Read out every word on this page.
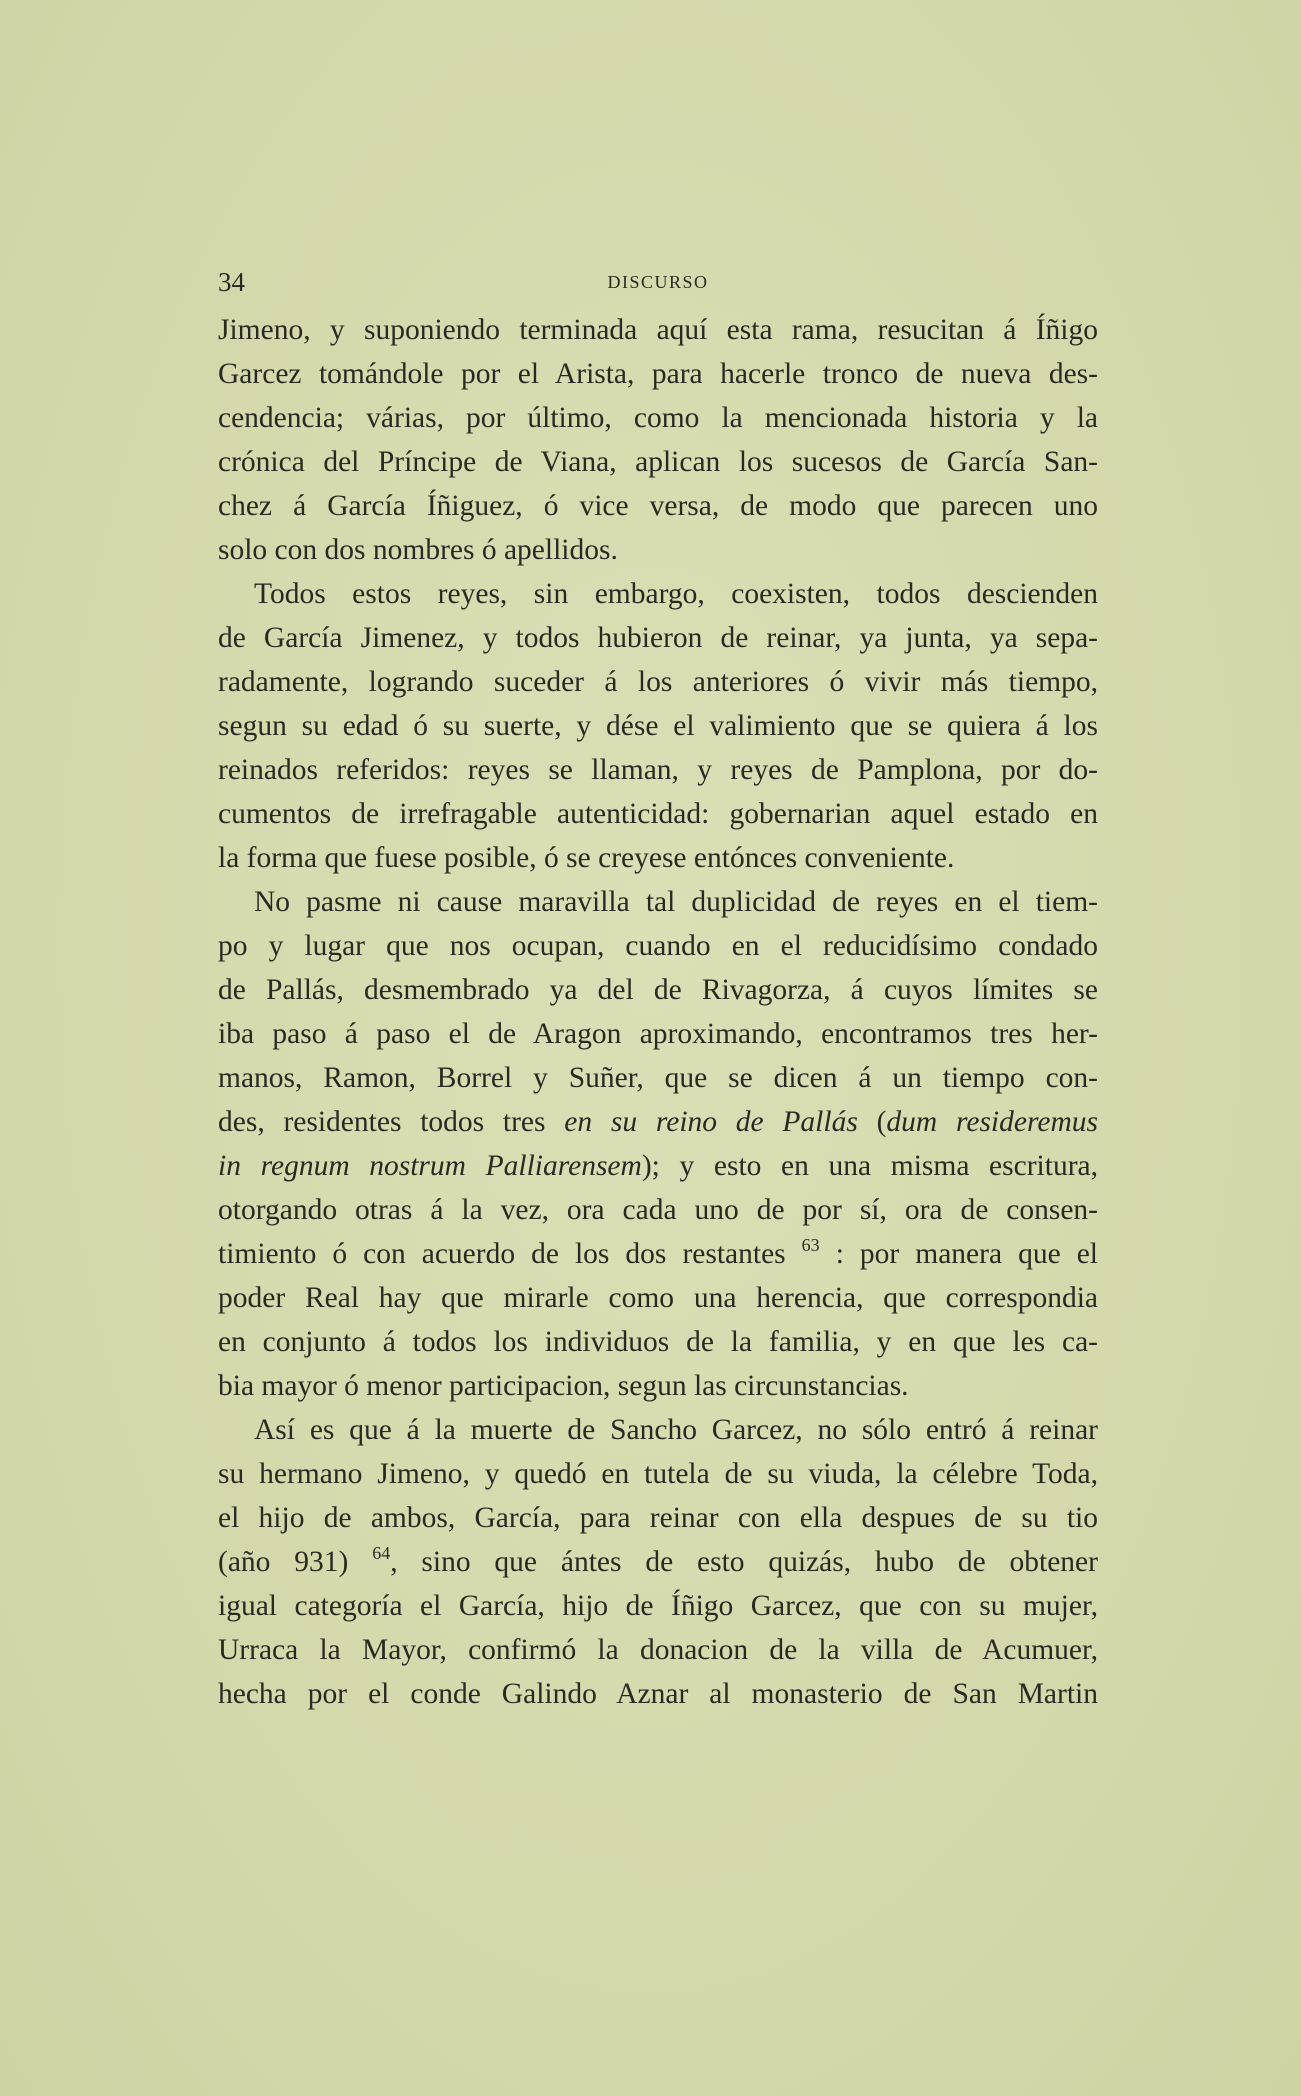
34	DISCURSO
Jimeno, y suponiendo terminada aquí esta rama, resucitan á Íñigo
Garcez tomándole por el Arista, para hacerle tronco de nueva des-
cendencia; várias, por último, como la mencionada historia y la
crónica del Príncipe de Viana, aplican los sucesos de García San-
chez á García Íñiguez, ó vice versa, de modo que parecen uno
solo con dos nombres ó apellidos.
Todos estos reyes, sin embargo, coexisten, todos descienden
de García Jimenez, y todos hubieron de reinar, ya junta, ya sepa-
radamente, logrando suceder á los anteriores ó vivir más tiempo,
segun su edad ó su suerte, y dése el valimiento que se quiera á los
reinados referidos: reyes se llaman, y reyes de Pamplona, por do-
cumentos de irrefragable autenticidad: gobernarian aquel estado en
la forma que fuese posible, ó se creyese entónces conveniente.
No pasme ni cause maravilla tal duplicidad de reyes en el tiem-
po y lugar que nos ocupan, cuando en el reducidísimo condado
de Pallás, desmembrado ya del de Rivagorza, á cuyos límites se
iba paso á paso el de Aragon aproximando, encontramos tres her-
manos, Ramon, Borrel y Suñer, que se dicen á un tiempo con-
des, residentes todos tres en su reino de Pallás (dum resideremus
in regnum nostrum Palliarensem); y esto en una misma escritura,
otorgando otras á la vez, ora cada uno de por sí, ora de consen-
timiento ó con acuerdo de los dos restantes $^{63}$ : por manera que el
poder Real hay que mirarle como una herencia, que correspondia
en conjunto á todos los individuos de la familia, y en que les ca-
bia mayor ó menor participacion, segun las circunstancias.
Así es que á la muerte de Sancho Garcez, no sólo entró á reinar
su hermano Jimeno, y quedó en tutela de su viuda, la célebre Toda,
el hijo de ambos, García, para reinar con ella despues de su tio
(año 931) $^{64}$, sino que ántes de esto quizás, hubo de obtener
igual categoría el García, hijo de Íñigo Garcez, que con su mujer,
Urraca la Mayor, confirmó la donacion de la villa de Acumuer,
hecha por el conde Galindo Aznar al monasterio de San Martin
